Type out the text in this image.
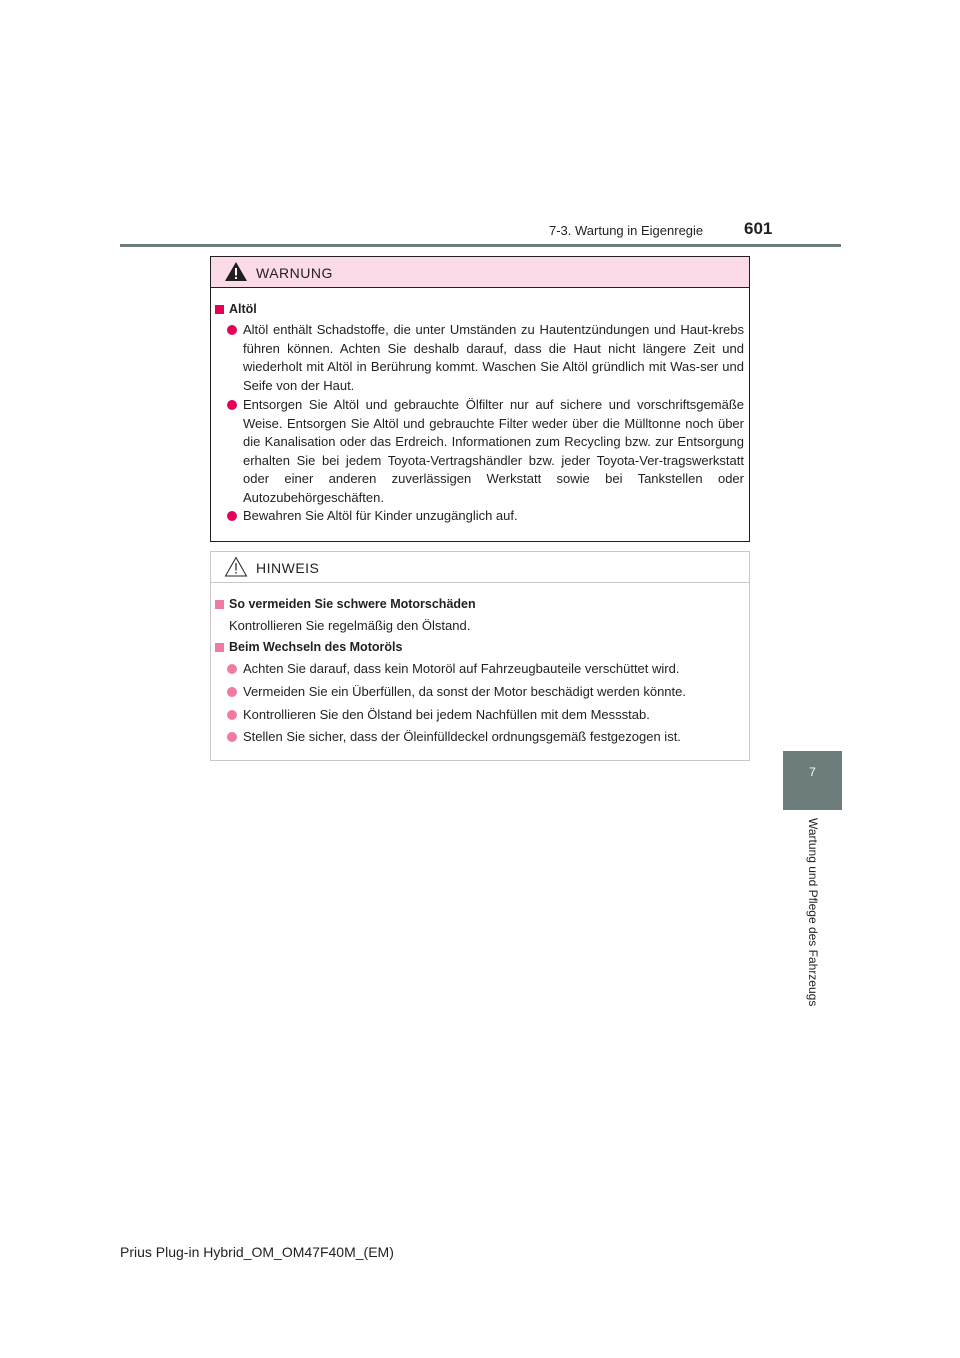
7-3. Wartung in Eigenregie 601
7
Wartung und Pflege des Fahrzeugs
WARNUNG
Altöl
Altöl enthält Schadstoffe, die unter Umständen zu Hautentzündungen und Haut-krebs führen können. Achten Sie deshalb darauf, dass die Haut nicht längere Zeit und wiederholt mit Altöl in Berührung kommt. Waschen Sie Altöl gründlich mit Was-ser und Seife von der Haut.
Entsorgen Sie Altöl und gebrauchte Ölfilter nur auf sichere und vorschriftsgemäße Weise. Entsorgen Sie Altöl und gebrauchte Filter weder über die Mülltonne noch über die Kanalisation oder das Erdreich. Informationen zum Recycling bzw. zur Entsorgung erhalten Sie bei jedem Toyota-Vertragshändler bzw. jeder Toyota-Ver-tragswerkstatt oder einer anderen zuverlässigen Werkstatt sowie bei Tankstellen oder Autozubehörgeschäften.
Bewahren Sie Altöl für Kinder unzugänglich auf.
HINWEIS
So vermeiden Sie schwere Motorschäden
Kontrollieren Sie regelmäßig den Ölstand.
Beim Wechseln des Motoröls
Achten Sie darauf, dass kein Motoröl auf Fahrzeugbauteile verschüttet wird.
Vermeiden Sie ein Überfüllen, da sonst der Motor beschädigt werden könnte.
Kontrollieren Sie den Ölstand bei jedem Nachfüllen mit dem Messstab.
Stellen Sie sicher, dass der Öleinfülldeckel ordnungsgemäß festgezogen ist.
Prius Plug-in Hybrid_OM_OM47F40M_(EM)
